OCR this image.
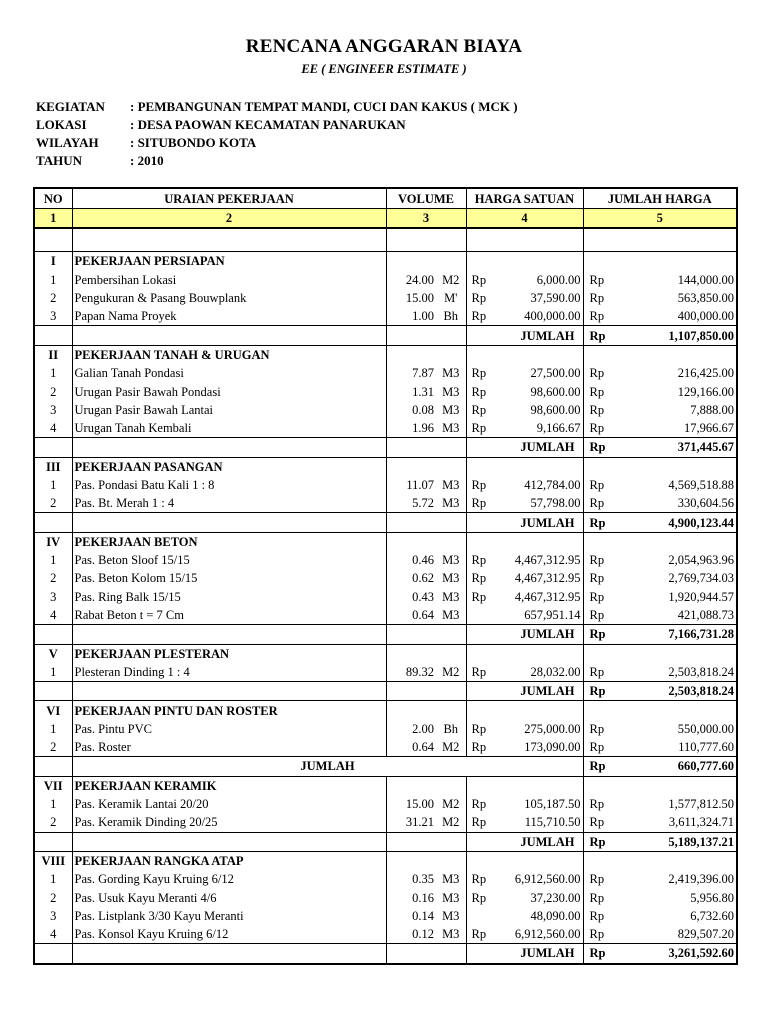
RENCANA ANGGARAN BIAYA
EE ( ENGINEER ESTIMATE )
KEGIATAN : PEMBANGUNAN TEMPAT MANDI, CUCI DAN KAKUS ( MCK )
LOKASI	: DESA PAOWAN KECAMATAN PANARUKAN
WILAYAH : SITUBONDO KOTA
TAHUN	: 2010
NO	URAIAN PEKERJAAN	VOLUME		HARGA SATUAN		JUMLAH HARGA	
1	2	3		4		5	

I	PEKERJAAN PERSIAPAN						
1	Pembersihan Lokasi	24.00	M2	Rp	6,000.00	Rp	144,000.00
2	Pengukuran & Pasang Bouwplank	15.00	M'	Rp	37,590.00	Rp	563,850.00
3	Papan Nama Proyek	1.00	Bh	Rp	400,000.00	Rp	400,000.00
				JUMLAH		Rp	1,107,850.00
II	PEKERJAAN TANAH & URUGAN						
1	Galian Tanah Pondasi	7.87	M3	Rp	27,500.00	Rp	216,425.00
2	Urugan Pasir Bawah Pondasi	1.31	M3	Rp	98,600.00	Rp	129,166.00
3	Urugan Pasir Bawah Lantai	0.08	M3	Rp	98,600.00	Rp	7,888.00
4	Urugan Tanah Kembali	1.96	M3	Rp	9,166.67	Rp	17,966.67
				JUMLAH		Rp	371,445.67
III	PEKERJAAN PASANGAN						
1	Pas. Pondasi Batu Kali 1 : 8	11.07	M3	Rp	412,784.00	Rp	4,569,518.88
2	Pas. Bt. Merah 1 : 4	5.72	M3	Rp	57,798.00	Rp	330,604.56
				JUMLAH		Rp	4,900,123.44
IV	PEKERJAAN BETON						
1	Pas. Beton Sloof 15/15	0.46	M3	Rp	4,467,312.95	Rp	2,054,963.96
2	Pas. Beton Kolom 15/15	0.62	M3	Rp	4,467,312.95	Rp	2,769,734.03
3	Pas. Ring Balk 15/15	0.43	M3	Rp	4,467,312.95	Rp	1,920,944.57
4	Rabat Beton t = 7 Cm	0.64	M3		657,951.14	Rp	421,088.73
				JUMLAH		Rp	7,166,731.28
V	PEKERJAAN PLESTERAN						
1	Plesteran Dinding 1 : 4	89.32	M2	Rp	28,032.00	Rp	2,503,818.24
				JUMLAH		Rp	2,503,818.24
VI	PEKERJAAN PINTU DAN ROSTER						
1	Pas. Pintu PVC	2.00	Bh	Rp	275,000.00	Rp	550,000.00
2	Pas. Roster	0.64	M2	Rp	173,090.00	Rp	110,777.60
	JUMLAH					Rp	660,777.60
VII	PEKERJAAN KERAMIK						
1	Pas. Keramik Lantai 20/20	15.00	M2	Rp	105,187.50	Rp	1,577,812.50
2	Pas. Keramik Dinding 20/25	31.21	M2	Rp	115,710.50	Rp	3,611,324.71
				JUMLAH		Rp	5,189,137.21
VIII	PEKERJAAN RANGKA ATAP						
1	Pas. Gording Kayu Kruing 6/12	0.35	M3	Rp	6,912,560.00	Rp	2,419,396.00
2	Pas. Usuk Kayu Meranti 4/6	0.16	M3	Rp	37,230.00	Rp	5,956.80
3	Pas. Listplank 3/30 Kayu Meranti	0.14	M3		48,090.00	Rp	6,732.60
4	Pas. Konsol Kayu Kruing 6/12	0.12	M3	Rp	6,912,560.00	Rp	829,507.20
				JUMLAH		Rp	3,261,592.60
